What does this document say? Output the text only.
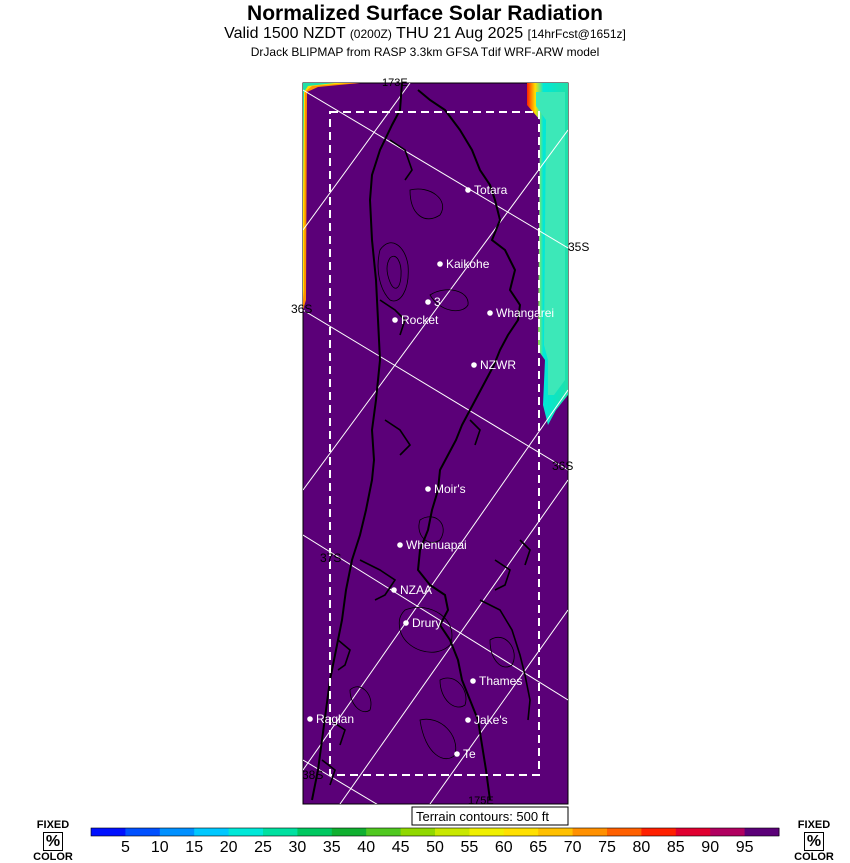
Normalized Surface Solar Radiation
Valid 1500 NZDT (0200Z) THU 21 Aug 2025 [14hrFcst@1651z]
DrJack BLIPMAP from RASP 3.3km GFSA Tdif WRF-ARW model
173E
35S
36S
36S
37S
38S
175E
Totara
Kaikohe
3
Rocket	Whangarei
NZWR
Moir's
Whenuapai
NZAA
Drury
Thames
Raglan	Jake's
Te
Terrain contours: 500 ft
5 10 15 20 25 30 35 40 45 50 55 60 65 70 75 80 85 90 95
FIXED
%
COLOR
FIXED
%
COLOR
